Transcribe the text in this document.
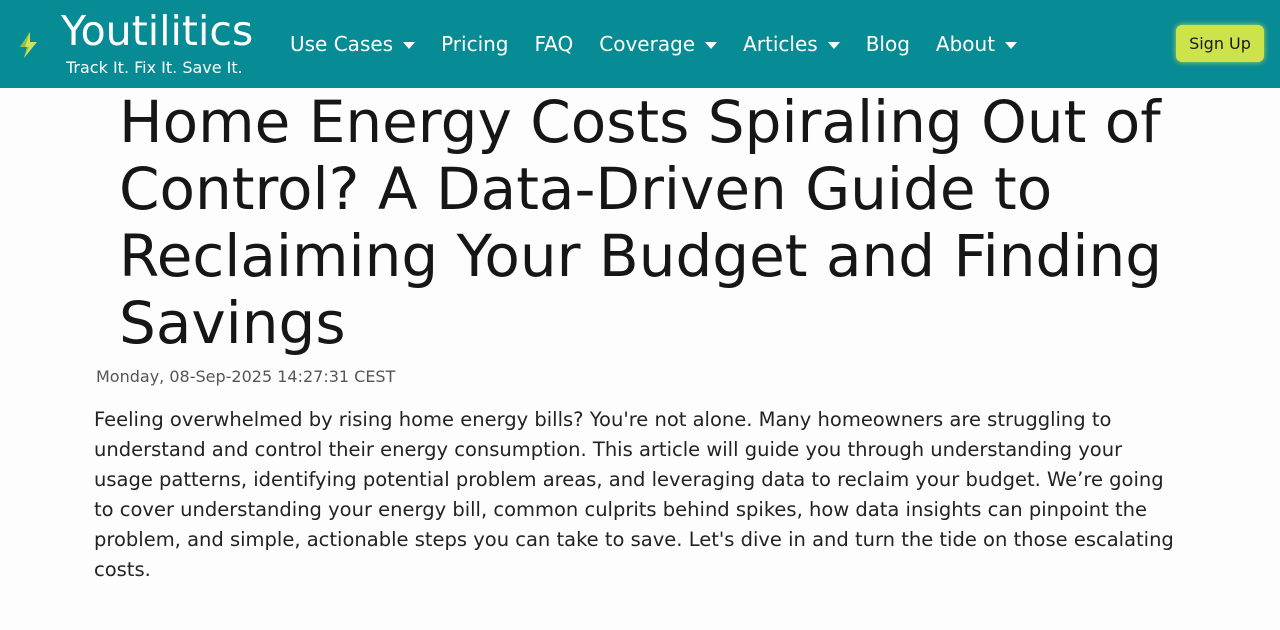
Youtilitics
Track It. Fix It. Save It.
Use Cases Pricing FAQ Coverage Articles Blog About	Sign Up
Home Energy Costs Spiraling Out of Control? A Data-Driven Guide to Reclaiming Your Budget and Finding Savings
Monday, 08-Sep-2025 14:27:31 CEST

Feeling overwhelmed by rising home energy bills? You're not alone. Many homeowners are struggling to understand and control their energy consumption. This article will guide you through understanding your usage patterns, identifying potential problem areas, and leveraging data to reclaim your budget. We’re going to cover understanding your energy bill, common culprits behind spikes, how data insights can pinpoint the problem, and simple, actionable steps you can take to save. Let's dive in and turn the tide on those escalating costs.
